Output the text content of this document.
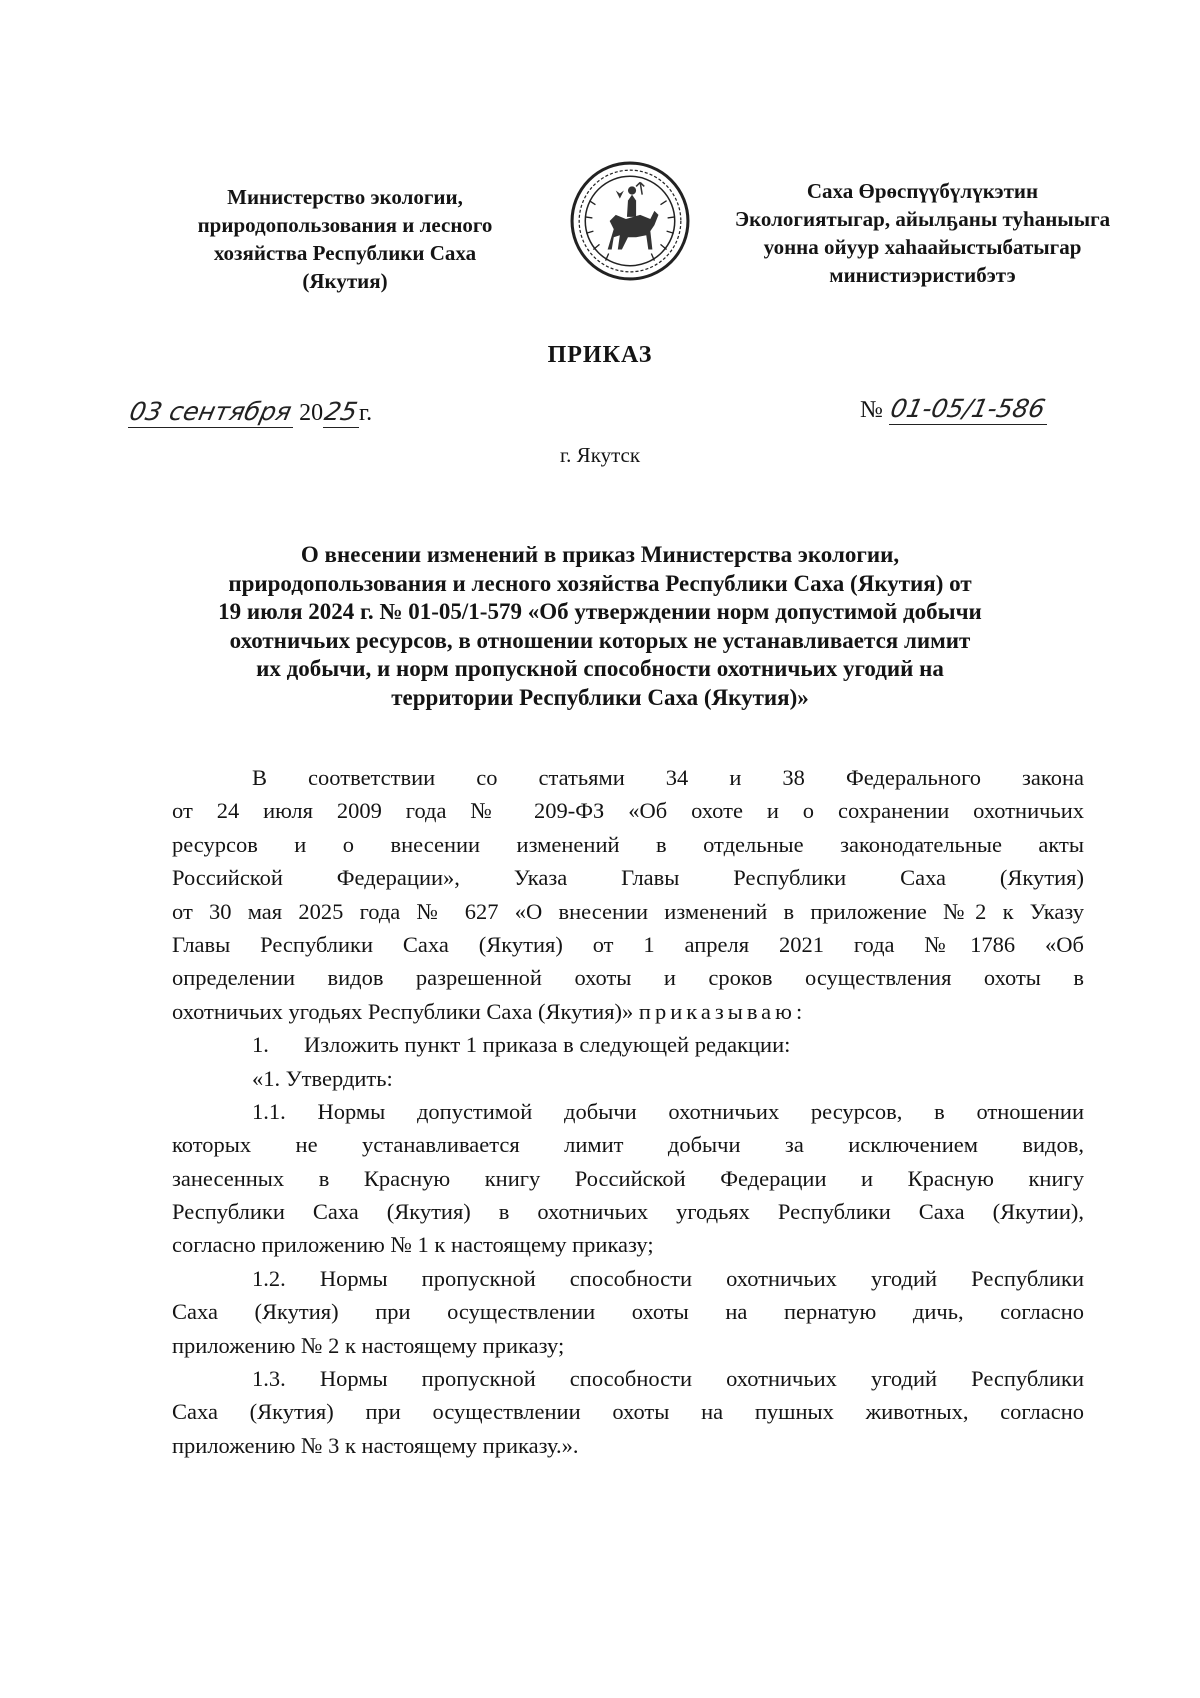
Министерство экологии,
природопользования и лесного
хозяйства Республики Саха
(Якутия)
Саха Өрөспүүбүлүкэтин
Экологиятыгар, айылҕаны туһаныыга
уонна ойуур хаһаайыстыбатыгар
министиэристибэтэ
ПРИКАЗ
03 сентября 2025г.	№ 01-05/1-586
г. Якутск
О внесении изменений в приказ Министерства экологии,
природопользования и лесного хозяйства Республики Саха (Якутия) от
19 июля 2024 г. № 01-05/1-579 «Об утверждении норм допустимой добычи
охотничьих ресурсов, в отношении которых не устанавливается лимит
их добычи, и норм пропускной способности охотничьих угодий на
территории Республики Саха (Якутия)»
В соответствии со статьями 34 и 38 Федерального закона
от 24 июля 2009 года № 209-ФЗ «Об охоте и о сохранении охотничьих
ресурсов и о внесении изменений в отдельные законодательные акты
Российской Федерации», Указа Главы Республики Саха (Якутия)
от 30 мая 2025 года № 627 «О внесении изменений в приложение №2 к Указу
Главы Республики Саха (Якутия) от 1 апреля 2021 года №1786 «Об
определении видов разрешенной охоты и сроков осуществления охоты в
охотничьих угодьях Республики Саха (Якутия)» приказываю:
1. Изложить пункт 1 приказа в следующей редакции:
«1. Утвердить:
1.1. Нормы допустимой добычи охотничьих ресурсов, в отношении
которых не устанавливается лимит добычи за исключением видов,
занесенных в Красную книгу Российской Федерации и Красную книгу
Республики Саха (Якутия) в охотничьих угодьях Республики Саха (Якутии),
согласно приложению № 1 к настоящему приказу;
1.2. Нормы пропускной способности охотничьих угодий Республики
Саха (Якутия) при осуществлении охоты на пернатую дичь, согласно
приложению № 2 к настоящему приказу;
1.3. Нормы пропускной способности охотничьих угодий Республики
Саха (Якутия) при осуществлении охоты на пушных животных, согласно
приложению № 3 к настоящему приказу.».
